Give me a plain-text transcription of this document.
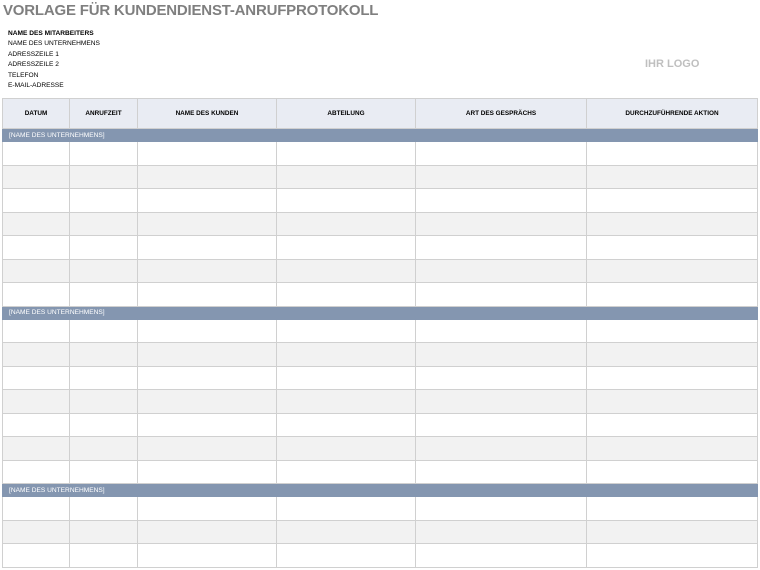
VORLAGE FÜR KUNDENDIENST-ANRUFPROTOKOLL
NAME DES MITARBEITERS
NAME DES UNTERNEHMENS
ADRESSZEILE 1
ADRESSZEILE 2
TELEFON
E-MAIL-ADRESSE
IHR LOGO
DATUM	ANRUFZEIT	NAME DES KUNDEN	ABTEILUNG	ART DES GESPRÄCHS	DURCHZUFÜHRENDE AKTION
[NAME DES UNTERNEHMENS]					

[NAME DES UNTERNEHMENS]					

[NAME DES UNTERNEHMENS]					
